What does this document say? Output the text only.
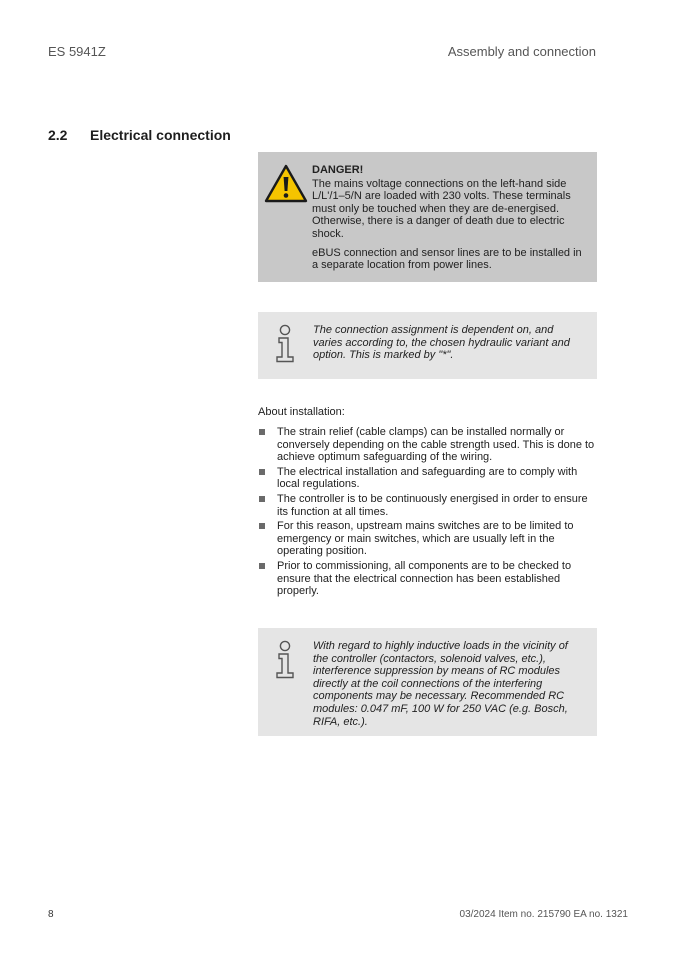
ES 5941Z	Assembly and connection
2.2 Electrical connection
DANGER!
The mains voltage connections on the left-hand side L/L'/1–5/N are loaded with 230 volts. These terminals must only be touched when they are de-energised. Otherwise, there is a danger of death due to electric shock.
eBUS connection and sensor lines are to be installed in a separate location from power lines.
The connection assignment is dependent on, and varies according to, the chosen hydraulic variant and option. This is marked by "*".
About installation:
The strain relief (cable clamps) can be installed normally or conversely depending on the cable strength used. This is done to achieve optimum safeguarding of the wiring.
The electrical installation and safeguarding are to comply with local regulations.
The controller is to be continuously energised in order to ensure its function at all times.
For this reason, upstream mains switches are to be limited to emergency or main switches, which are usually left in the operating position.
Prior to commissioning, all components are to be checked to ensure that the electrical connection has been established properly.
With regard to highly inductive loads in the vicinity of the controller (contactors, solenoid valves, etc.), interference suppression by means of RC modules directly at the coil connections of the interfering components may be necessary. Recommended RC modules: 0.047 mF, 100 W for 250 VAC (e.g. Bosch, RIFA, etc.).
8	03/2024 Item no. 215790 EA no. 1321
